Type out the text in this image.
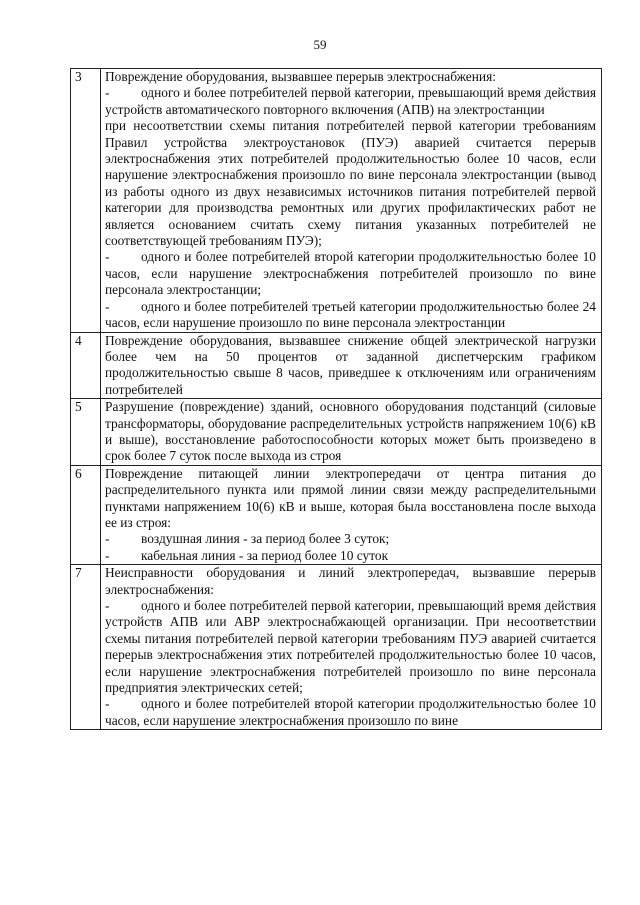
59
3	Повреждение оборудования, вызвавшее перерыв электроснабжения:
- одного и более потребителей первой категории, превышающий время действия устройств автоматического повторного включения (АПВ) на электростанции
при несоответствии схемы питания потребителей первой категории требованиям Правил устройства электроустановок (ПУЭ) аварией считается перерыв электроснабжения этих потребителей продолжительностью более 10 часов, если нарушение электроснабжения произошло по вине персонала электростанции (вывод из работы одного из двух независимых источников питания потребителей первой категории для производства ремонтных или других профилактических работ не является основанием считать схему питания указанных потребителей не соответствующей требованиям ПУЭ);
- одного и более потребителей второй категории продолжительностью более 10 часов, если нарушение электроснабжения потребителей произошло по вине персонала электростанции;
- одного и более потребителей третьей категории продолжительностью более 24 часов, если нарушение произошло по вине персонала электростанции

4	Повреждение оборудования, вызвавшее снижение общей электрической нагрузки более чем на 50 процентов от заданной диспетчерским графиком продолжительностью свыше 8 часов, приведшее к отключениям или ограничениям потребителей

5	Разрушение (повреждение) зданий, основного оборудования подстанций (силовые трансформаторы, оборудование распределительных устройств напряжением 10(6) кВ и выше), восстановление работоспособности которых может быть произведено в срок более 7 суток после выхода из строя

6	Повреждение питающей линии электропередачи от центра питания до распределительного пункта или прямой линии связи между распределительными пунктами напряжением 10(6) кВ и выше, которая была восстановлена после выхода ее из строя:
- воздушная линия - за период более 3 суток;
- кабельная линия - за период более 10 суток

7	Неисправности оборудования и линий электропередач, вызвавшие перерыв электроснабжения:
- одного и более потребителей первой категории, превышающий время действия устройств АПВ или АВР электроснабжающей организации. При несоответствии схемы питания потребителей первой категории требованиям ПУЭ аварией считается перерыв электроснабжения этих потребителей продолжительностью более 10 часов, если нарушение электроснабжения потребителей произошло по вине персонала предприятия электрических сетей;
- одного и более потребителей второй категории продолжительностью более 10 часов, если нарушение электроснабжения произошло по вине
